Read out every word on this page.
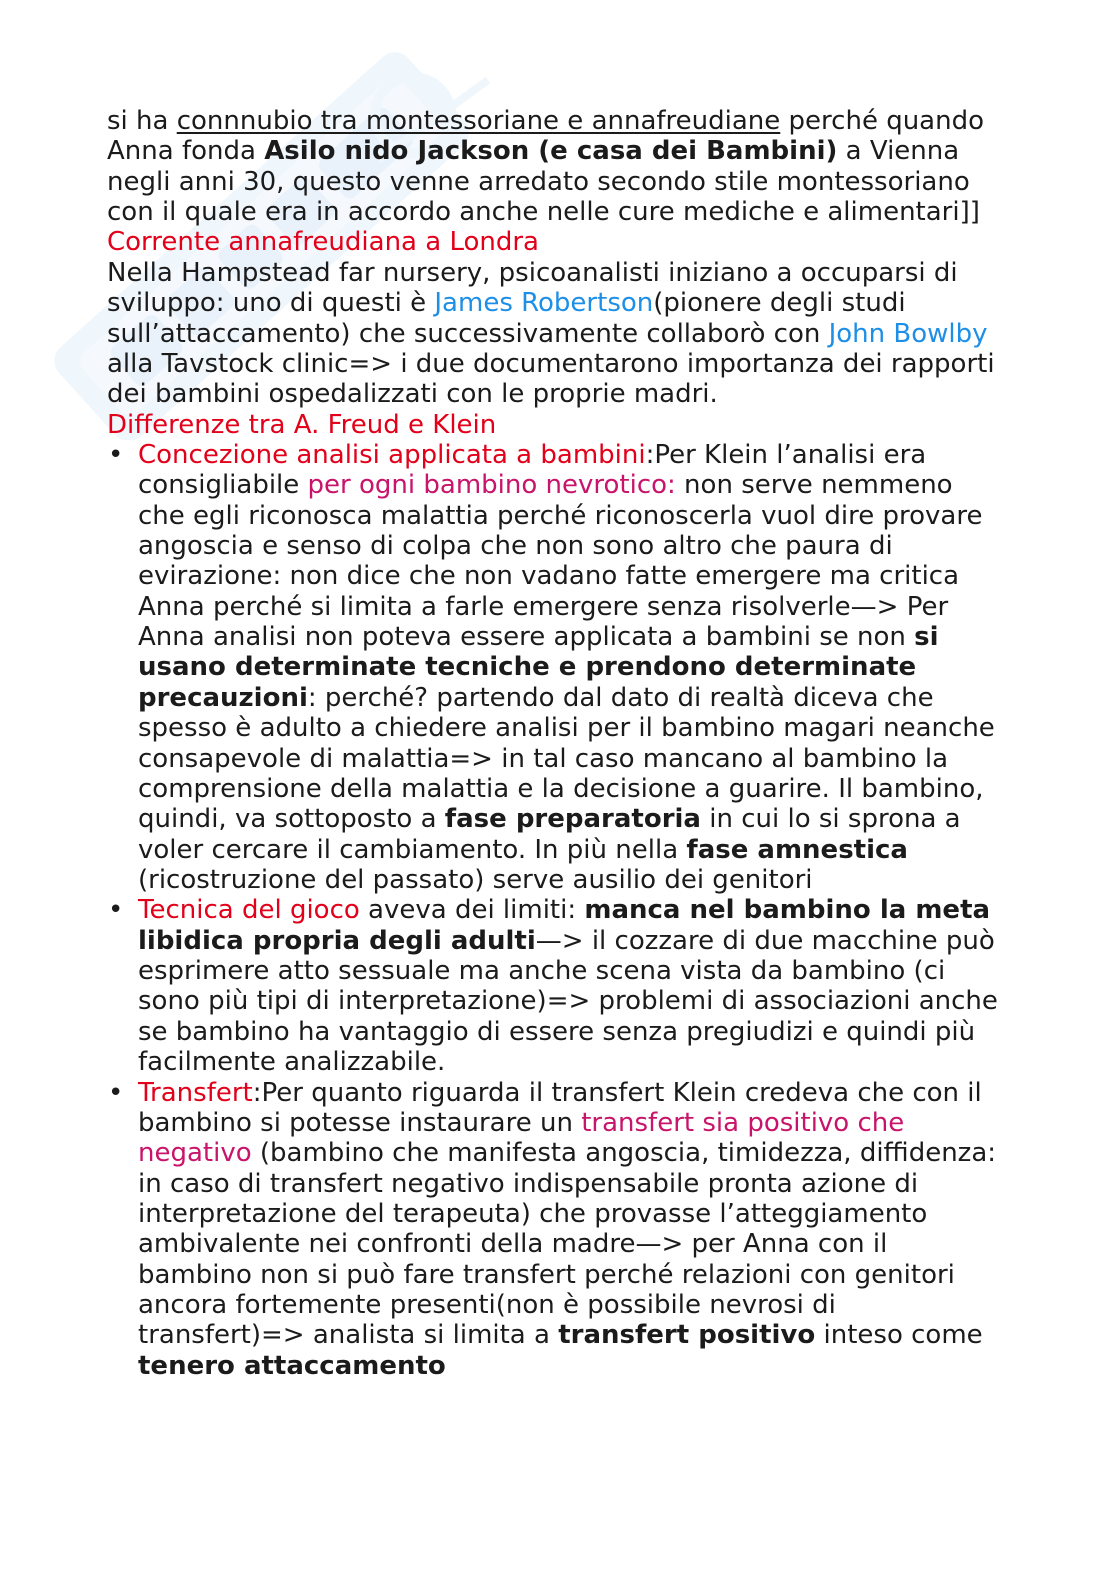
si ha connnubio tra montessoriane e annafreudiane perché quando
Anna fonda Asilo nido Jackson (e casa dei Bambini) a Vienna
negli anni 30, questo venne arredato secondo stile montessoriano
con il quale era in accordo anche nelle cure mediche e alimentari]]
Corrente annafreudiana a Londra
Nella Hampstead far nursery, psicoanalisti iniziano a occuparsi di
sviluppo: uno di questi è James Robertson(pionere degli studi
sull’attaccamento) che successivamente collaborò con John Bowlby
alla Tavstock clinic=> i due documentarono importanza dei rapporti
dei bambini ospedalizzati con le proprie madri.
Differenze tra A. Freud e Klein
• Concezione analisi applicata a bambini:Per Klein l’analisi era
consigliabile per ogni bambino nevrotico: non serve nemmeno
che egli riconosca malattia perché riconoscerla vuol dire provare
angoscia e senso di colpa che non sono altro che paura di
evirazione: non dice che non vadano fatte emergere ma critica
Anna perché si limita a farle emergere senza risolverle—> Per
Anna analisi non poteva essere applicata a bambini se non si
usano determinate tecniche e prendono determinate
precauzioni: perché? partendo dal dato di realtà diceva che
spesso è adulto a chiedere analisi per il bambino magari neanche
consapevole di malattia=> in tal caso mancano al bambino la
comprensione della malattia e la decisione a guarire. Il bambino,
quindi, va sottoposto a fase preparatoria in cui lo si sprona a
voler cercare il cambiamento. In più nella fase amnestica
(ricostruzione del passato) serve ausilio dei genitori
• Tecnica del gioco aveva dei limiti: manca nel bambino la meta
libidica propria degli adulti—> il cozzare di due macchine può
esprimere atto sessuale ma anche scena vista da bambino (ci
sono più tipi di interpretazione)=> problemi di associazioni anche
se bambino ha vantaggio di essere senza pregiudizi e quindi più
facilmente analizzabile.
• Transfert:Per quanto riguarda il transfert Klein credeva che con il
bambino si potesse instaurare un transfert sia positivo che
negativo (bambino che manifesta angoscia, timidezza, diffidenza:
in caso di transfert negativo indispensabile pronta azione di
interpretazione del terapeuta) che provasse l’atteggiamento
ambivalente nei confronti della madre—> per Anna con il
bambino non si può fare transfert perché relazioni con genitori
ancora fortemente presenti(non è possibile nevrosi di
transfert)=> analista si limita a transfert positivo inteso come
tenero attaccamento
